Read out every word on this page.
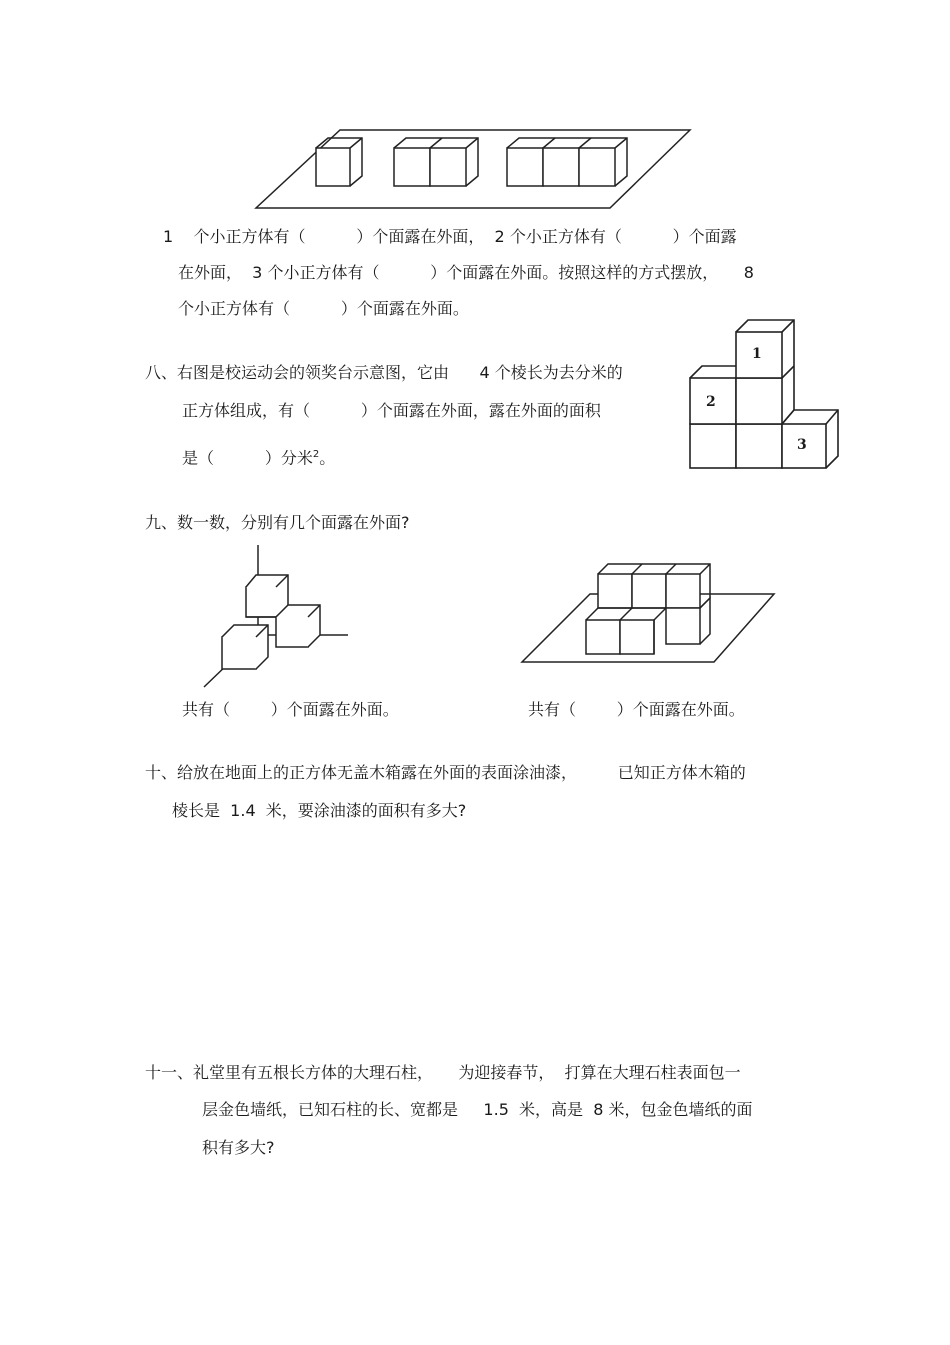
1    个小正方体有（          ）个面露在外面，  2 个小正方体有（          ）个面露
在外面，  3 个小正方体有（          ）个面露在外面。按照这样的方式摆放，     8
个小正方体有（          ）个面露在外面。
1
2
3
八、右图是校运动会的领奖台示意图，它由      4 个棱长为去分米的
正方体组成，有（          ）个面露在外面，露在外面的面积
是（          ）分米$^2$。
九、数一数，分别有几个面露在外面?
共有（        ）个面露在外面。	共有（        ）个面露在外面。
十、给放在地面上的正方体无盖木箱露在外面的表面涂油漆，        已知正方体木箱的
棱长是  1.4  米，要涂油漆的面积有多大?
十一、礼堂里有五根长方体的大理石柱，     为迎接春节，  打算在大理石柱表面包一
层金色墙纸，已知石柱的长、宽都是     1.5  米，高是  8 米，包金色墙纸的面
积有多大?
